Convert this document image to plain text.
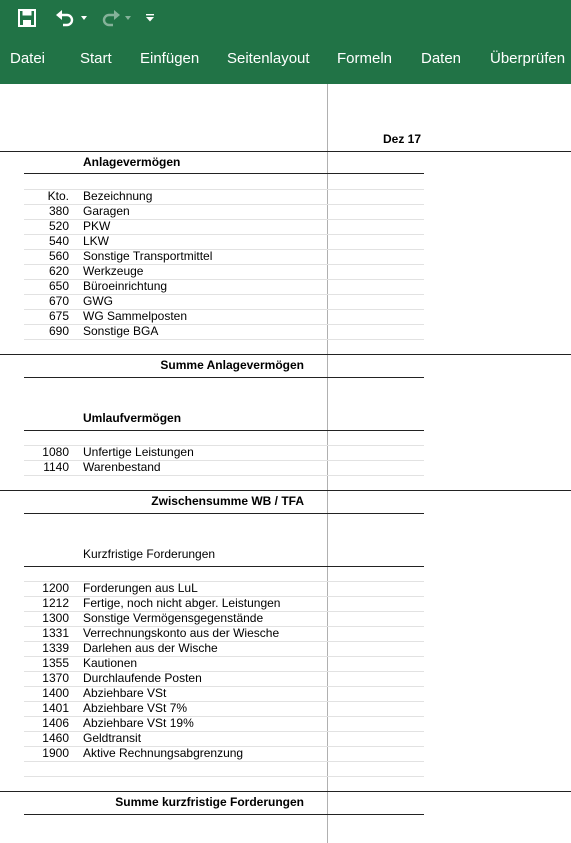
Datei Start Einfügen Seitenlayout Formeln Daten Überprüfen
Dez 17
Anlagevermögen
Kto. Bezeichnung
380 Garagen
520 PKW
540 LKW
560 Sonstige Transportmittel
620 Werkzeuge
650 Büroeinrichtung
670 GWG
675 WG Sammelposten
690 Sonstige BGA
Summe Anlagevermögen
Umlaufvermögen
1080 Unfertige Leistungen
1140 Warenbestand
Zwischensumme WB / TFA
Kurzfristige Forderungen
1200 Forderungen aus LuL
1212 Fertige, noch nicht abger. Leistungen
1300 Sonstige Vermögensgegenstände
1331 Verrechnungskonto aus der Wiesche
1339 Darlehen aus der Wische
1355 Kautionen
1370 Durchlaufende Posten
1400 Abziehbare VSt
1401 Abziehbare VSt 7%
1406 Abziehbare VSt 19%
1460 Geldtransit
1900 Aktive Rechnungsabgrenzung
Summe kurzfristige Forderungen
